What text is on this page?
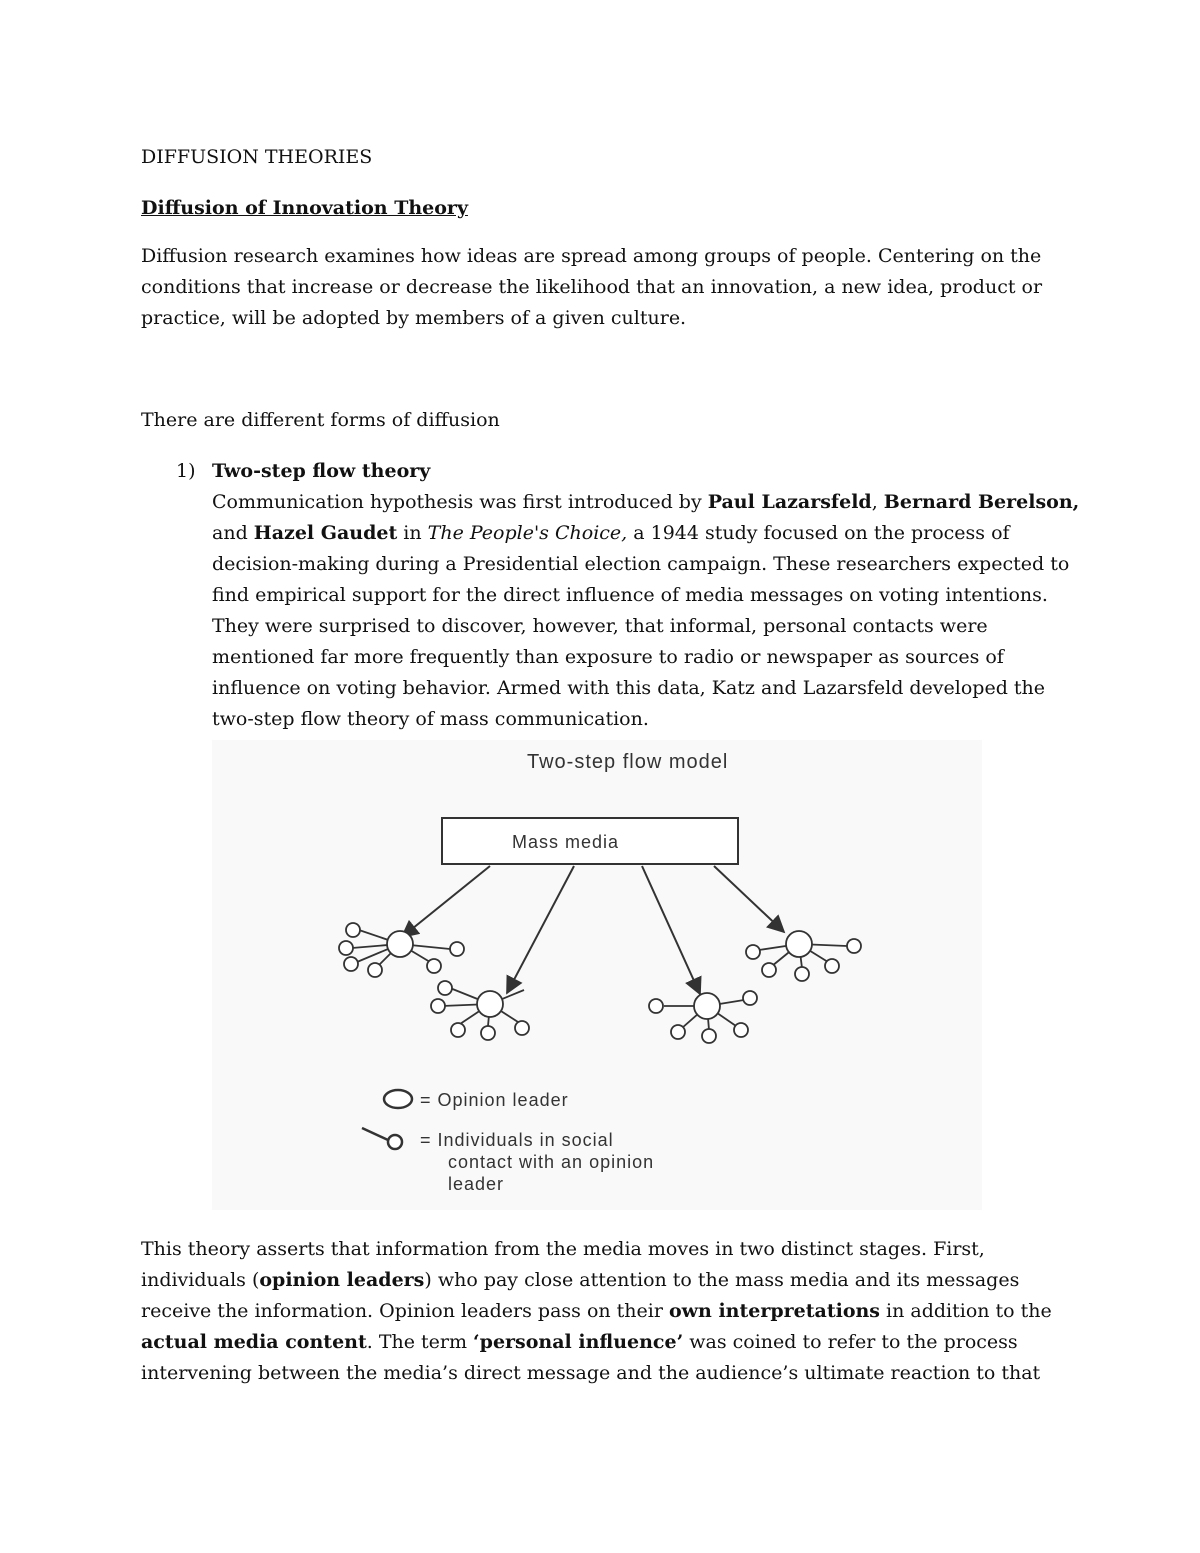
DIFFUSION THEORIES
Diffusion of Innovation Theory
Diffusion research examines how ideas are spread among groups of people. Centering on the
conditions that increase or decrease the likelihood that an innovation, a new idea, product or
practice, will be adopted by members of a given culture.
There are different forms of diffusion
1) Two-step flow theory
Communication hypothesis was first introduced by Paul Lazarsfeld, Bernard Berelson,
and Hazel Gaudet in The People's Choice, a 1944 study focused on the process of
decision-making during a Presidential election campaign. These researchers expected to
find empirical support for the direct influence of media messages on voting intentions.
They were surprised to discover, however, that informal, personal contacts were
mentioned far more frequently than exposure to radio or newspaper as sources of
influence on voting behavior. Armed with this data, Katz and Lazarsfeld developed the
two-step flow theory of mass communication.
Two-step flow model
Mass media
= Opinion leader
= Individuals in social
contact with an opinion
leader
This theory asserts that information from the media moves in two distinct stages. First,
individuals (opinion leaders) who pay close attention to the mass media and its messages
receive the information. Opinion leaders pass on their own interpretations in addition to the
actual media content. The term ‘personal influence’ was coined to refer to the process
intervening between the media’s direct message and the audience’s ultimate reaction to that
